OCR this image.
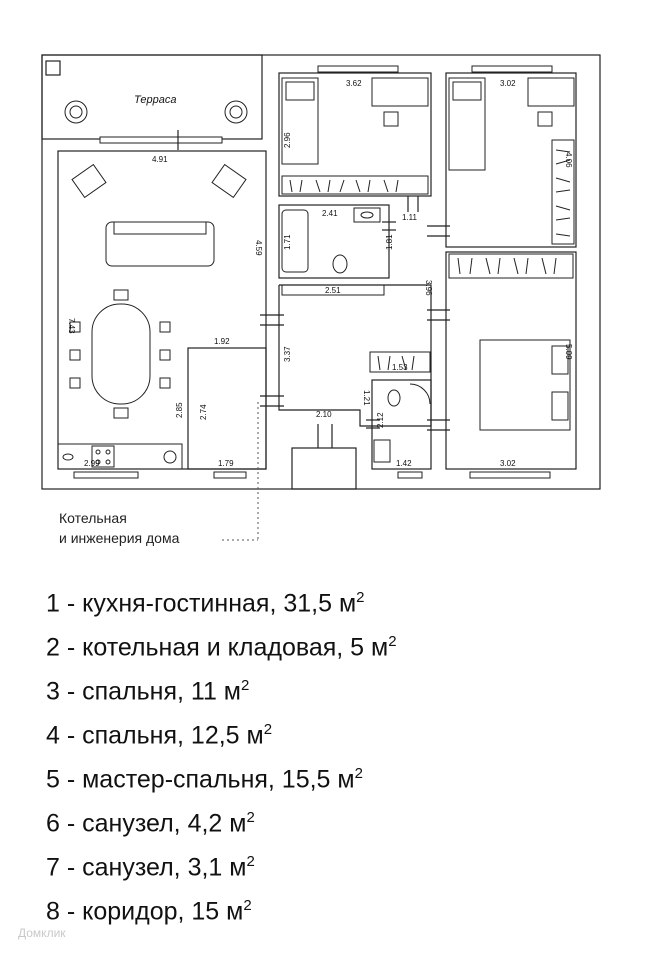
Терраса
4.91
7.43
4.59
1.92
2.85 2.74
2.99	1.79
3.62
2.96
2.41
1.71	1.81
1.11
2.51
3.37
3.96
1.53
1.21
2.10	2.12
1.42
3.02
4.06
5.09
3.02
Котельная
и инженерия дома
1 - кухня-гостинная, 31,5 $м^2$
2 - котельная и кладовая, 5 $м^2$
3 - спальня, 11 $м^2$
4 - спальня, 12,5 $м^2$
5 - мастер-спальня, 15,5 $м^2$
6 - санузел, 4,2 $м^2$
7 - санузел, 3,1 $м^2$
8 - коридор, 15 $м^2$
Домклик
